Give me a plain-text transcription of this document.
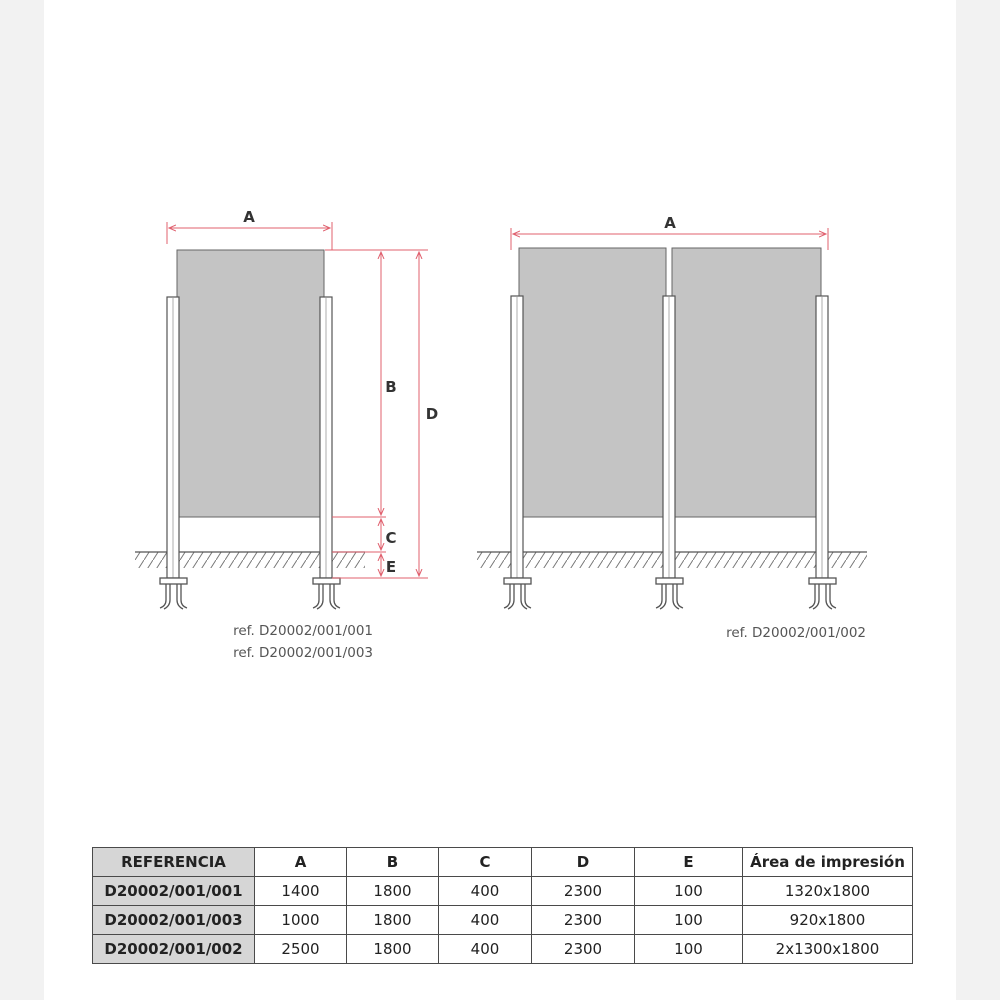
A
B
C
E
D
ref. D20002/001/001
ref. D20002/001/003
A
ref. D20002/001/002
REFERENCIA	A	B	C	D	E	Área de impresión
D20002/001/001	1400	1800	400	2300	100	1320x1800
D20002/001/003	1000	1800	400	2300	100	920x1800
D20002/001/002	2500	1800	400	2300	100	2x1300x1800
